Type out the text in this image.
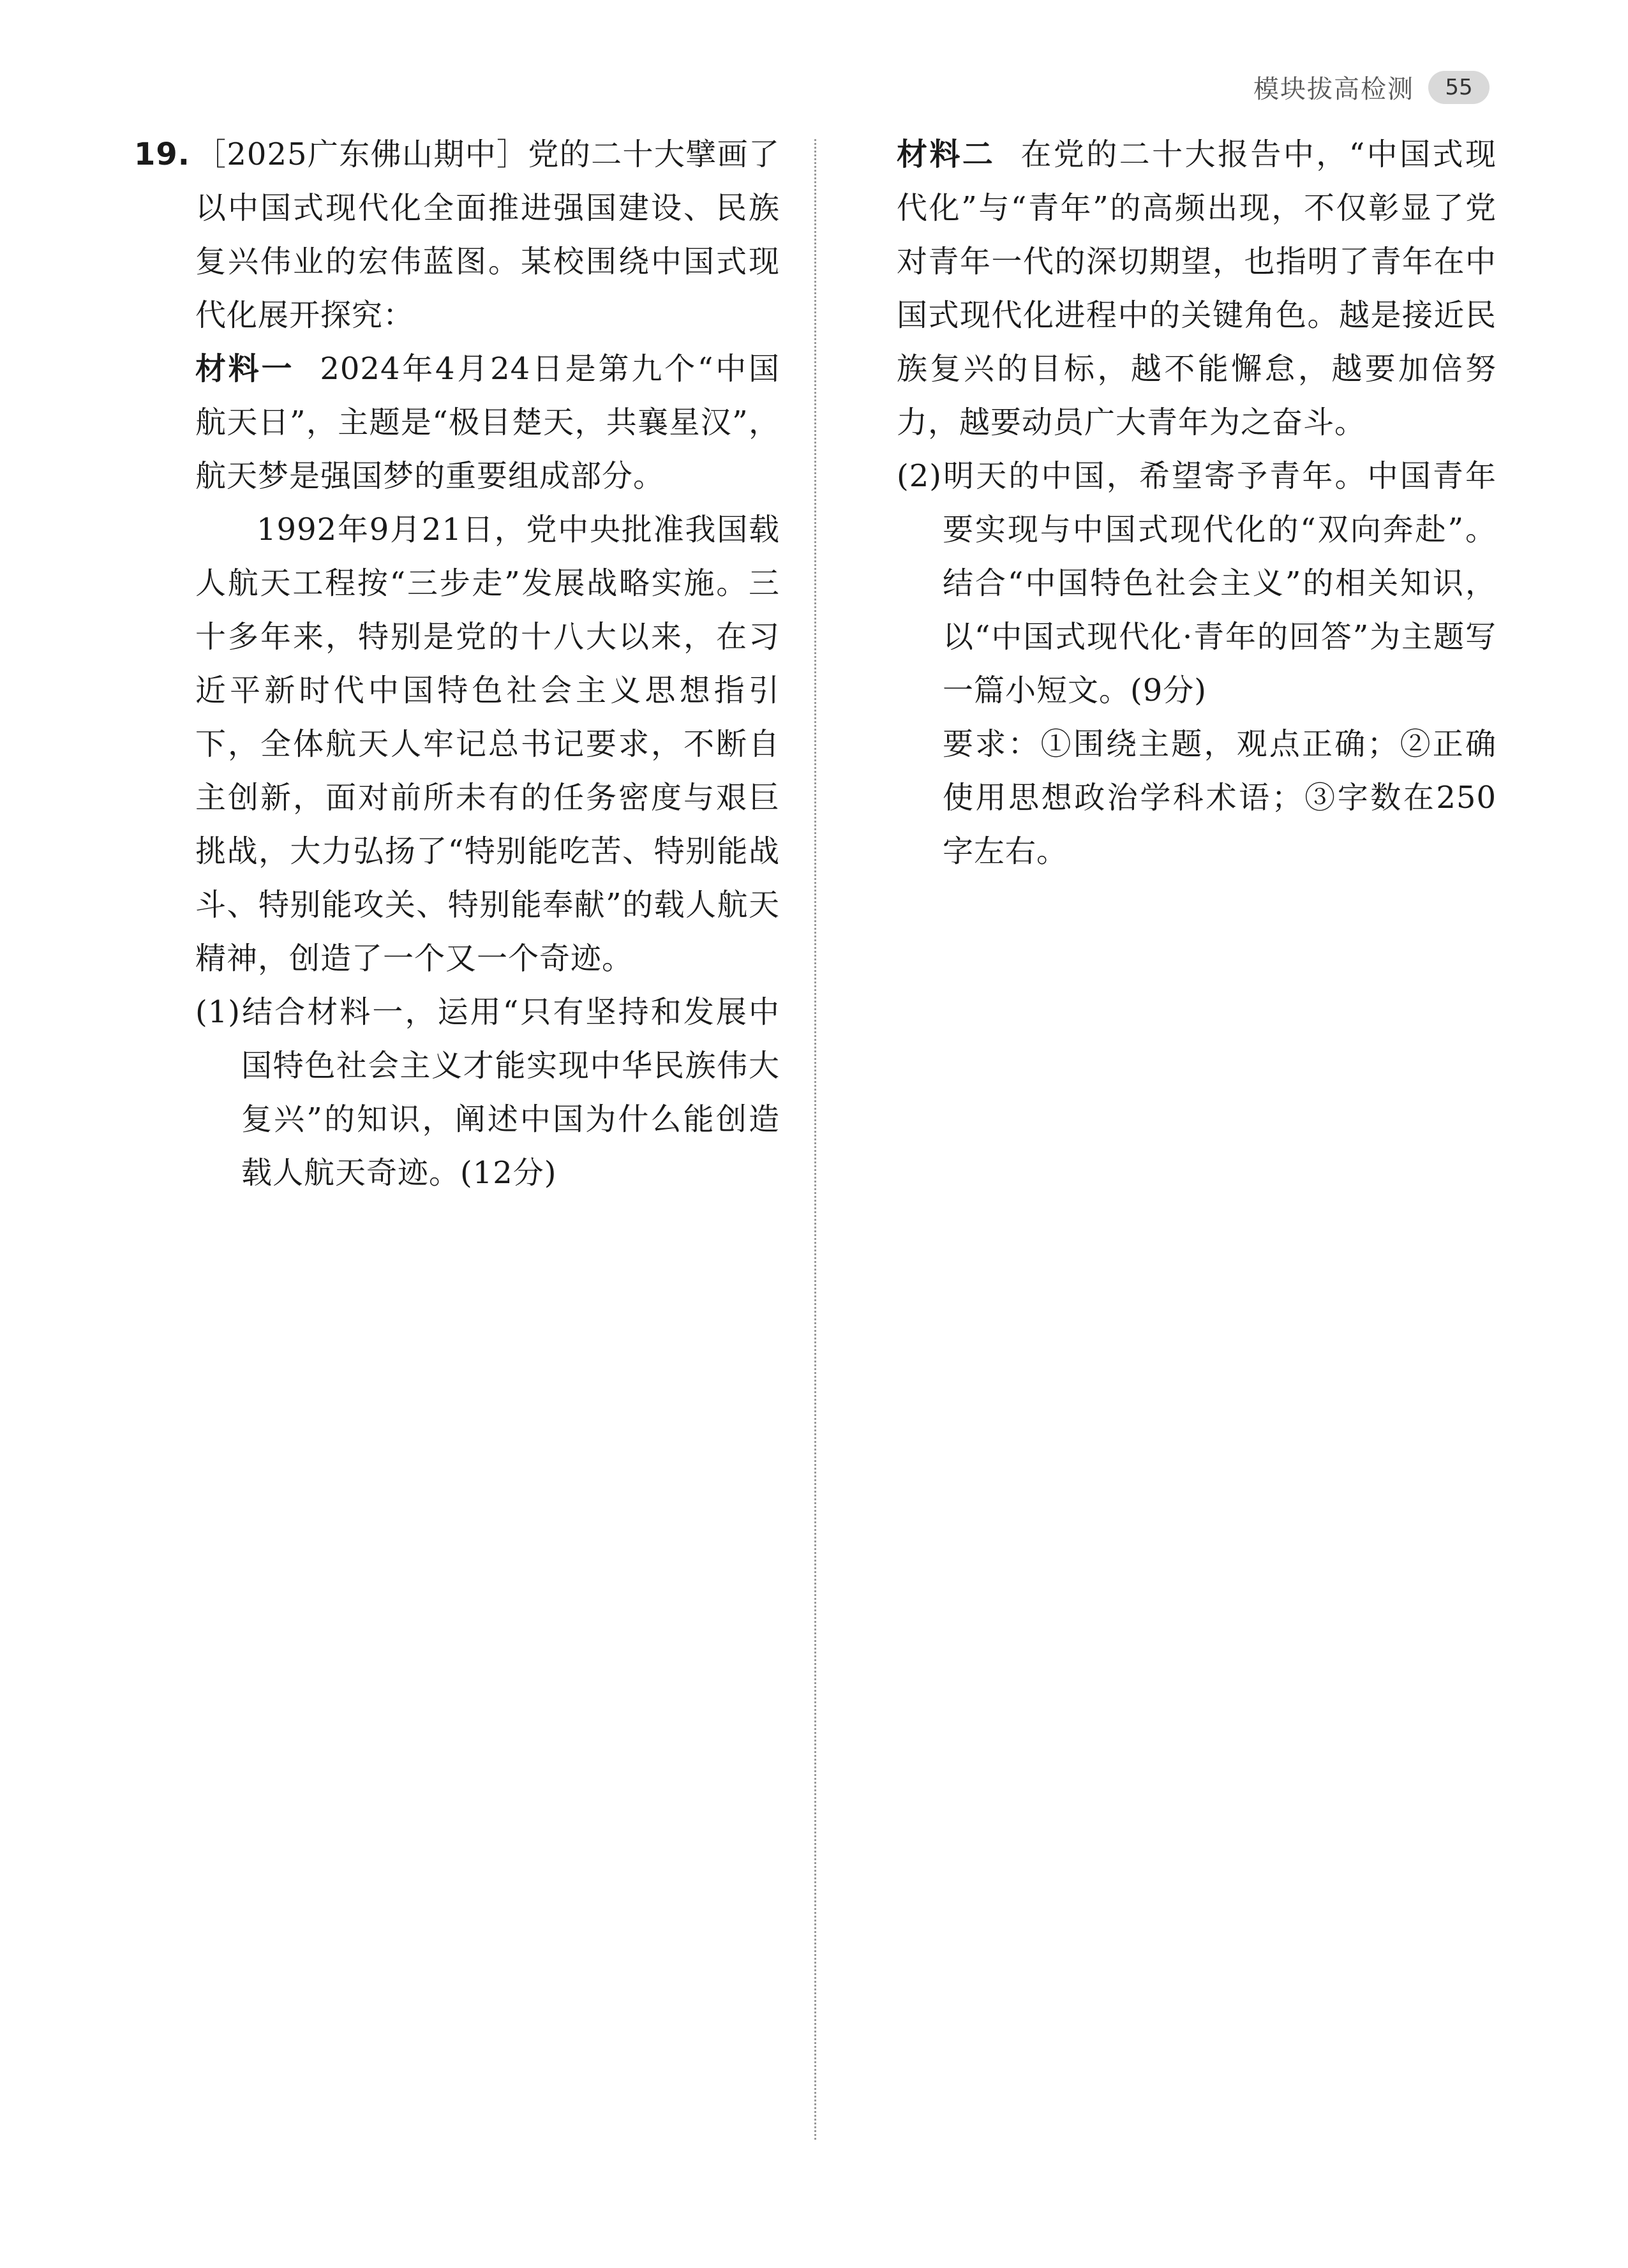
模块拔高检测	55
19. ［2025广东佛山期中］党的二十大擘画了以中国式现代化全面推进强国建设、民族复兴伟业的宏伟蓝图。某校围绕中国式现代化展开探究：

材料一 2024年4月24日是第九个“中国航天日”，主题是“极目楚天，共襄星汉”，航天梦是强国梦的重要组成部分。

1992年9月21日，党中央批准我国载人航天工程按“三步走”发展战略实施。三十多年来，特别是党的十八大以来，在习近平新时代中国特色社会主义思想指引下，全体航天人牢记总书记要求，不断自主创新，面对前所未有的任务密度与艰巨挑战，大力弘扬了“特别能吃苦、特别能战斗、特别能攻关、特别能奉献”的载人航天精神，创造了一个又一个奇迹。

(1)结合材料一，运用“只有坚持和发展中国特色社会主义才能实现中华民族伟大复兴”的知识，阐述中国为什么能创造载人航天奇迹。(12分)

材料二 在党的二十大报告中，“中国式现代化”与“青年”的高频出现，不仅彰显了党对青年一代的深切期望，也指明了青年在中国式现代化进程中的关键角色。越是接近民族复兴的目标，越不能懈怠，越要加倍努力，越要动员广大青年为之奋斗。

(2)明天的中国，希望寄予青年。中国青年要实现与中国式现代化的“双向奔赴”。结合“中国特色社会主义”的相关知识，以“中国式现代化·青年的回答”为主题写一篇小短文。(9分)

要求：①围绕主题，观点正确；②正确使用思想政治学科术语；③字数在250字左右。
